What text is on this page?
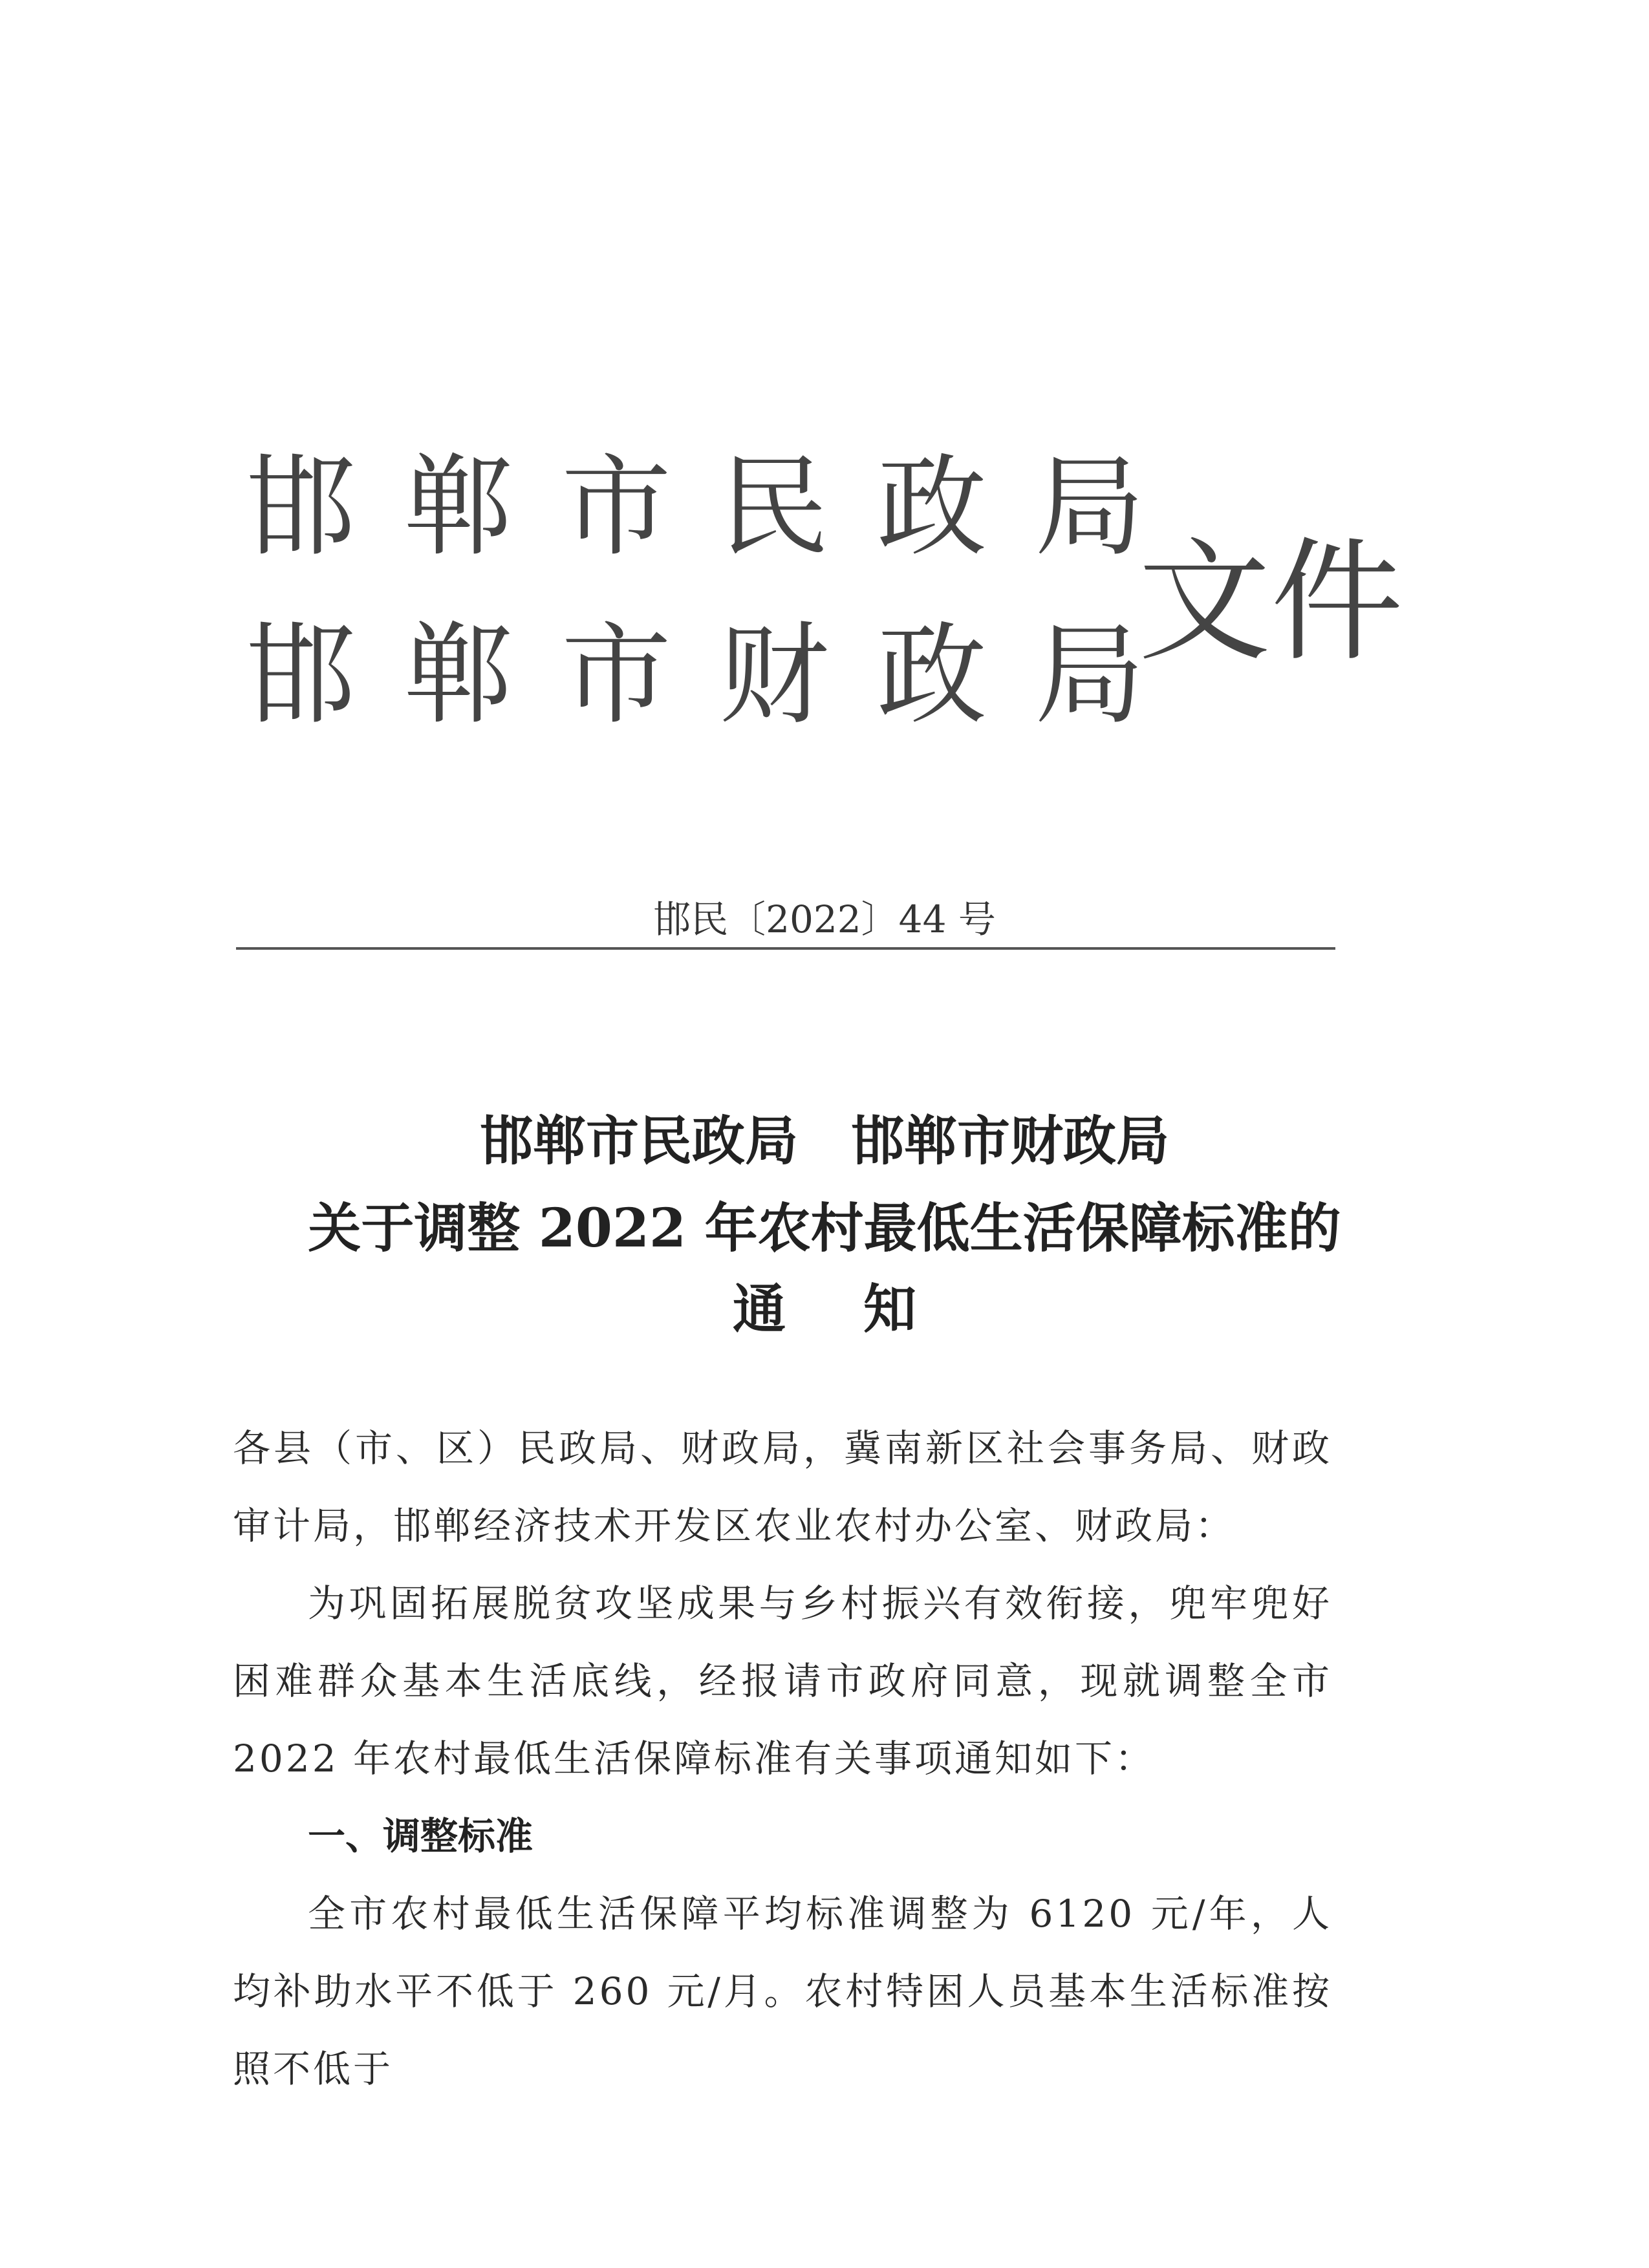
邯 郸 市 民 政 局
邯 郸 市 财 政 局
文件
邯民〔2022〕44 号
邯郸市民政局　邯郸市财政局
关于调整 2022 年农村最低生活保障标准的
通知

各县（市、区）民政局、财政局，冀南新区社会事务局、财政审计局，邯郸经济技术开发区农业农村办公室、财政局：

为巩固拓展脱贫攻坚成果与乡村振兴有效衔接，兜牢兜好困难群众基本生活底线，经报请市政府同意，现就调整全市 2022 年农村最低生活保障标准有关事项通知如下：

一、调整标准

全市农村最低生活保障平均标准调整为 6120 元/年，人均补助水平不低于 260 元/月。农村特困人员基本生活标准按照不低于
